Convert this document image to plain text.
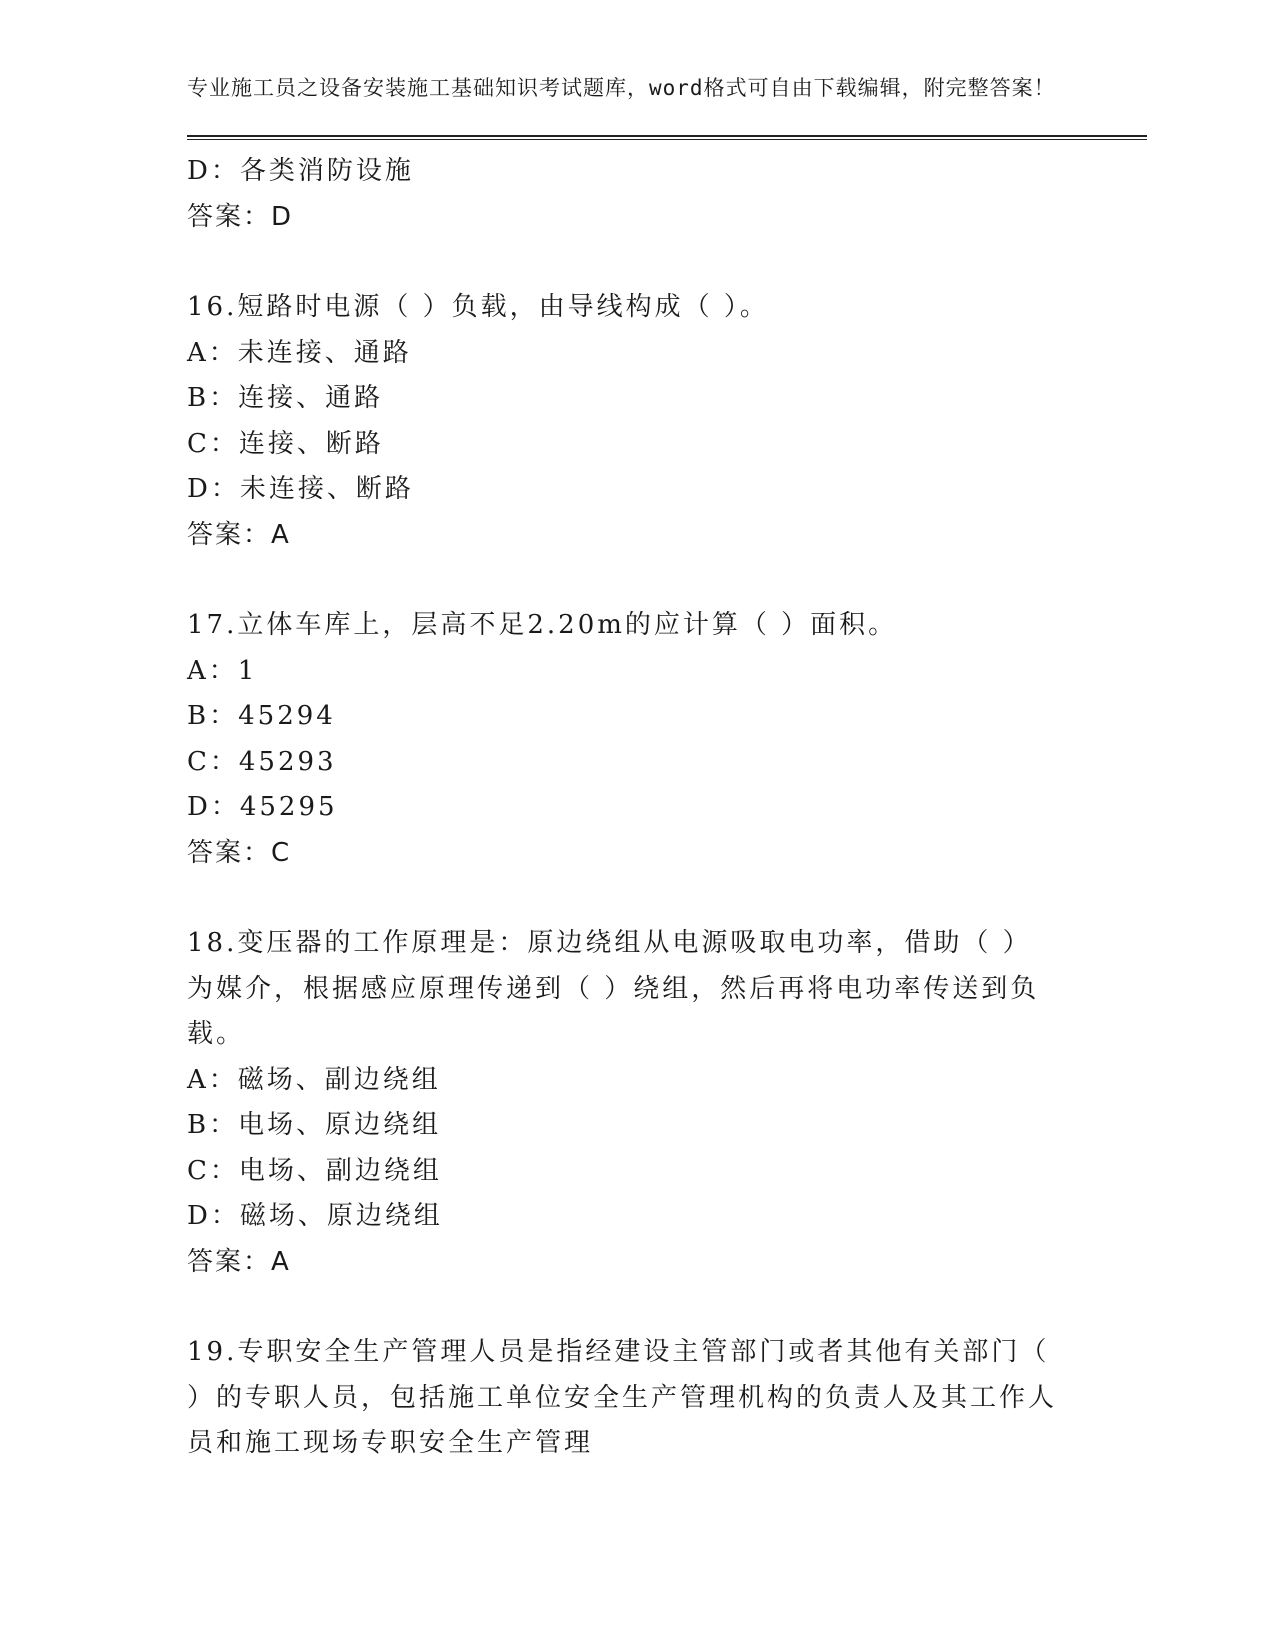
专业施工员之设备安装施工基础知识考试题库，word格式可自由下载编辑，附完整答案！

D：各类消防设施
答案：D
16.短路时电源（ ）负载，由导线构成（ ）。
A：未连接、通路
B：连接、通路
C：连接、断路
D：未连接、断路
答案：A
17.立体车库上，层高不足2.20m的应计算（ ）面积。
A：1
B：45294
C：45293
D：45295
答案：C
18.变压器的工作原理是：原边绕组从电源吸取电功率，借助（ ）为媒介，根据感应原理传递到（ ）绕组，然后再将电功率传送到负载。
A：磁场、副边绕组
B：电场、原边绕组
C：电场、副边绕组
D：磁场、原边绕组
答案：A
19.专职安全生产管理人员是指经建设主管部门或者其他有关部门（ ）的专职人员，包括施工单位安全生产管理机构的负责人及其工作人员和施工现场专职安全生产管理
